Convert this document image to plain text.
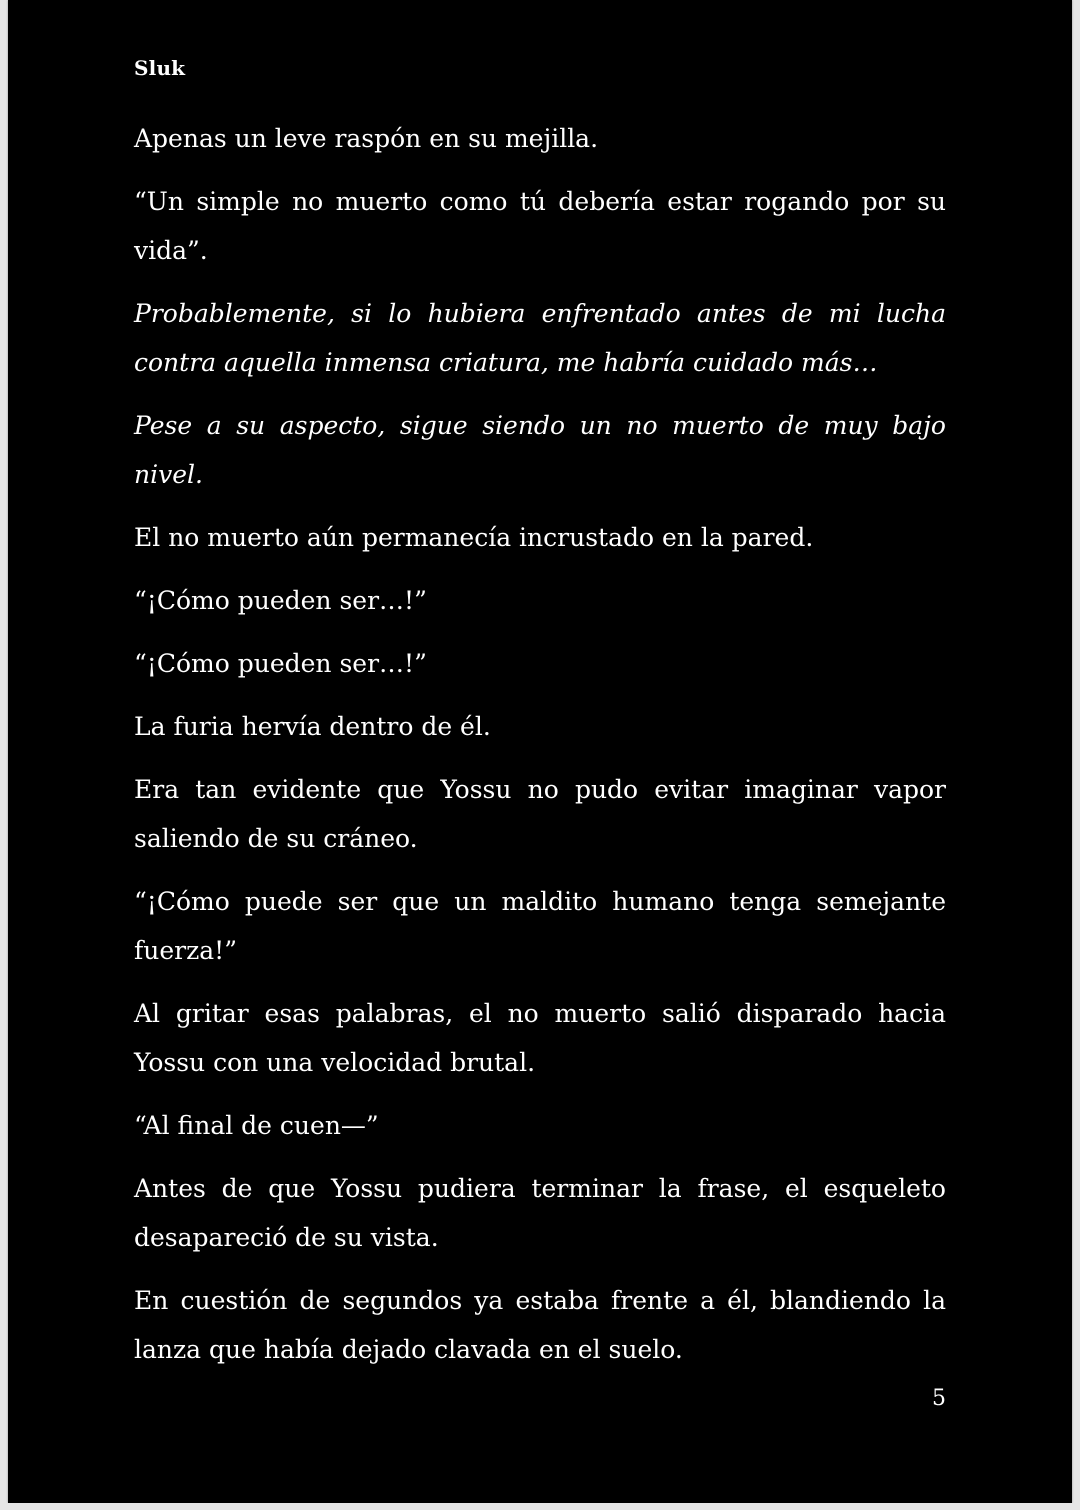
Sluk

Apenas un leve raspón en su mejilla.

“Un simple no muerto como tú debería estar rogando por su vida”.

Probablemente, si lo hubiera enfrentado antes de mi lucha contra aquella inmensa criatura, me habría cuidado más…

Pese a su aspecto, sigue siendo un no muerto de muy bajo nivel.

El no muerto aún permanecía incrustado en la pared.

“¡Cómo pueden ser…!”

“¡Cómo pueden ser…!”

La furia hervía dentro de él.

Era tan evidente que Yossu no pudo evitar imaginar vapor saliendo de su cráneo.

“¡Cómo puede ser que un maldito humano tenga semejante fuerza!”

Al gritar esas palabras, el no muerto salió disparado hacia Yossu con una velocidad brutal.

“Al final de cuen—”

Antes de que Yossu pudiera terminar la frase, el esqueleto desapareció de su vista.

En cuestión de segundos ya estaba frente a él, blandiendo la lanza que había dejado clavada en el suelo.

5
